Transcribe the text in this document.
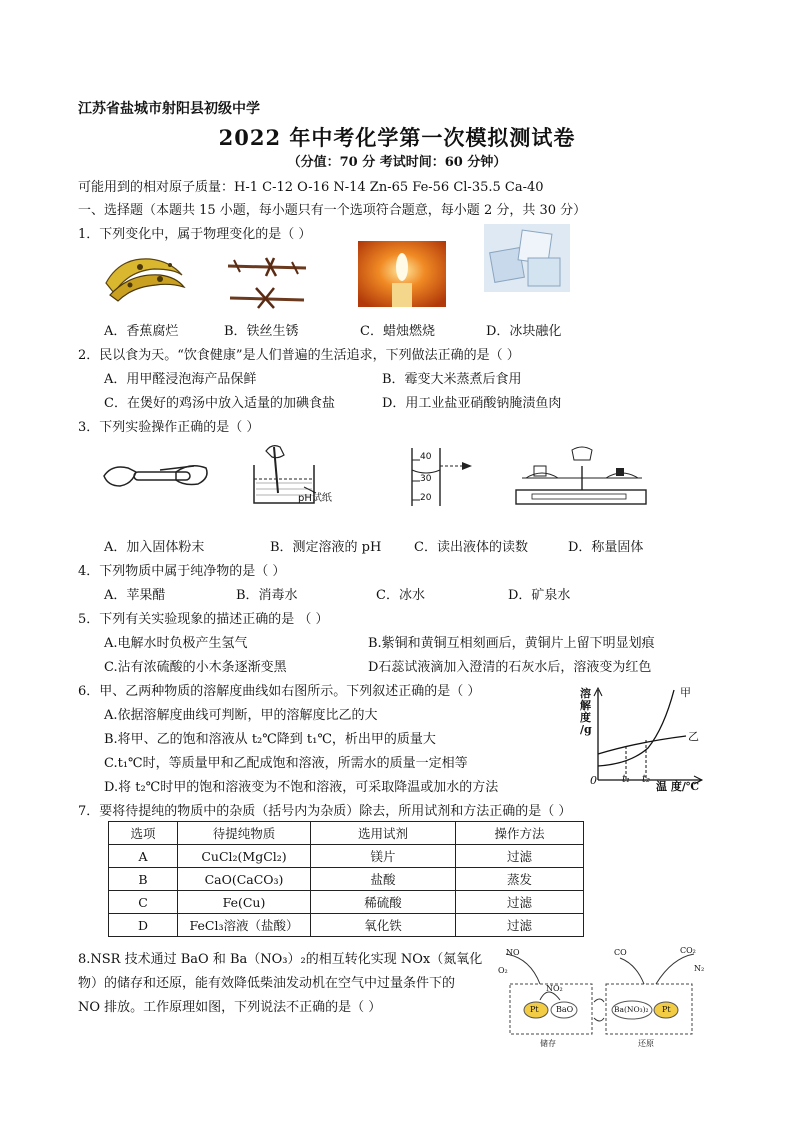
江苏省盐城市射阳县初级中学
2022 年中考化学第一次模拟测试卷
（分值：70 分 考试时间：60 分钟）
可能用到的相对原子质量：H-1 C-12 O-16 N-14 Zn-65 Fe-56 Cl-35.5 Ca-40
一、选择题（本题共 15 小题，每小题只有一个选项符合题意，每小题 2 分，共 30 分）
1．下列变化中，属于物理变化的是（ ）
A．香蕉腐烂	B．铁丝生锈	C．蜡烛燃烧	D．冰块融化
2．民以食为天。“饮食健康”是人们普遍的生活追求，下列做法正确的是（ ）
A．用甲醛浸泡海产品保鲜	B．霉变大米蒸煮后食用
C．在煲好的鸡汤中放入适量的加碘食盐	D．用工业盐亚硝酸钠腌渍鱼肉
3．下列实验操作正确的是（ ）
pH试纸
40
30
20
A．加入固体粉末	B．测定溶液的 pH	C．读出液体的读数	D．称量固体
4．下列物质中属于纯净物的是（ ）
A．苹果醋	B．消毒水	C．冰水	D．矿泉水
5．下列有关实验现象的描述正确的是 （ ）
A.电解水时负极产生氢气	B.紫铜和黄铜互相刻画后，黄铜片上留下明显划痕
C.沾有浓硫酸的小木条逐渐变黑	D石蕊试液滴加入澄清的石灰水后，溶液变为红色
6．甲、乙两种物质的溶解度曲线如右图所示。下列叙述正确的是（ ）
A.依据溶解度曲线可判断，甲的溶解度比乙的大
B.将甲、乙的饱和溶液从 t₂℃降到 t₁℃，析出甲的质量大
C.t₁℃时，等质量甲和乙配成饱和溶液，所需水的质量一定相等
D.将 t₂℃时甲的饱和溶液变为不饱和溶液，可采取降温或加水的方法
溶
解
度
/g
甲
乙
0	t₁ t₂
温 度/℃
7．要将待提纯的物质中的杂质（括号内为杂质）除去，所用试剂和方法正确的是（ ）
选项	待提纯物质	选用试剂	操作方法
A	CuCl₂(MgCl₂)	镁片	过滤
B	CaO(CaCO₃)	盐酸	蒸发
C	Fe(Cu)	稀硫酸	过滤
D	FeCl₃溶液（盐酸）	氧化铁	过滤
8.NSR 技术通过 BaO 和 Ba（NO₃）₂的相互转化实现 NOx（氮氧化
物）的储存和还原，能有效降低柴油发动机在空气中过量条件下的
NO 排放。工作原理如图，下列说法不正确的是（ ）
NO
O₂
NO₂
Pt BaO
CO	CO₂
N₂
Ba(NO₃)₂ Pt
储存	还原
